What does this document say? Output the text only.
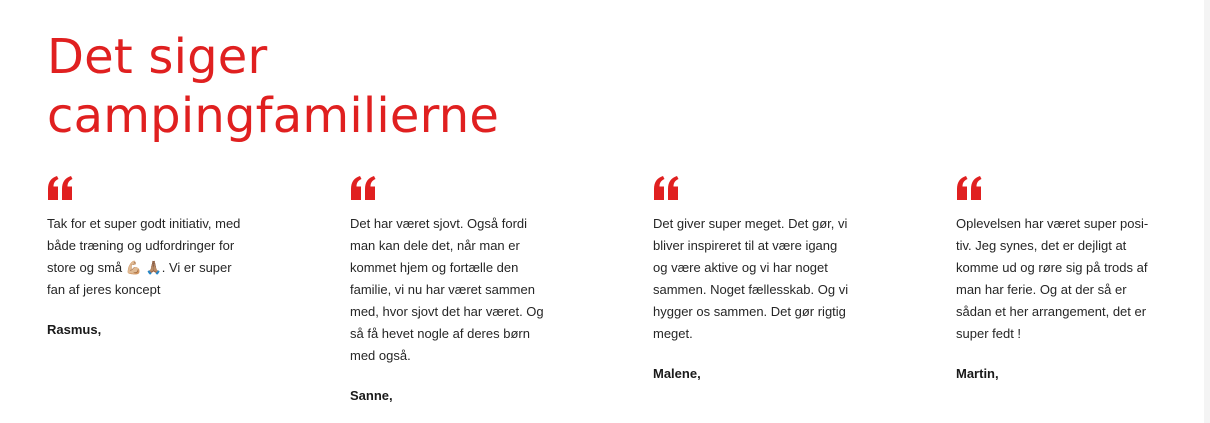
Det siger
campingfamilierne

Tak for et super godt initiativ, med
både træning og udfordringer for
store og små 💪🏼 🙏🏽. Vi er super
fan af jeres koncept

Rasmus,

Det har været sjovt. Også fordi
man kan dele det, når man er
kommet hjem og fortælle den
familie, vi nu har været sammen
med, hvor sjovt det har været. Og
så få hevet nogle af deres børn
med også.

Sanne,

Det giver super meget. Det gør, vi
bliver inspireret til at være igang
og være aktive og vi har noget
sammen. Noget fællesskab. Og vi
hygger os sammen. Det gør rigtig
meget.

Malene,

Oplevelsen har været super posi-
tiv. Jeg synes, det er dejligt at
komme ud og røre sig på trods af
man har ferie. Og at der så er
sådan et her arrangement, det er
super fedt !

Martin,
